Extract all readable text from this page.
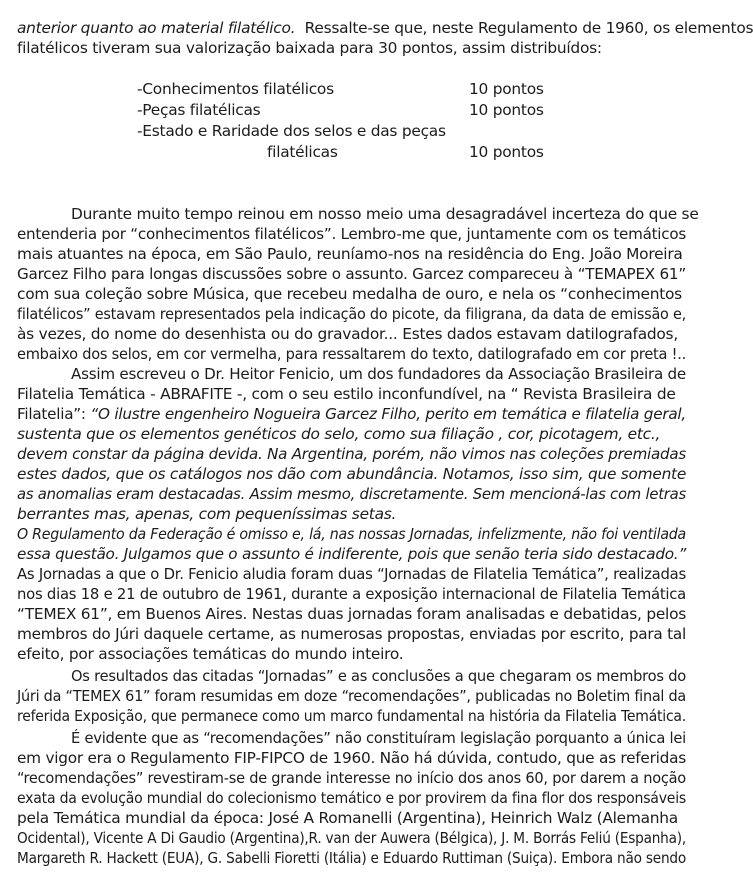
anterior quanto ao material filatélico. Ressalte-se que, neste Regulamento de 1960, os elementos
filatélicos tiveram sua valorização baixada para 30 pontos, assim distribuídos:
-Conhecimentos filatélicos	10 pontos
-Peças filatélicas	10 pontos
-Estado e Raridade dos selos e das peças
filatélicas	10 pontos
Durante muito tempo reinou em nosso meio uma desagradável incerteza do que se
entenderia por “conhecimentos filatélicos”. Lembro-me que, juntamente com os temáticos
mais atuantes na época, em São Paulo, reuníamo-nos na residência do Eng. João Moreira
Garcez Filho para longas discussões sobre o assunto. Garcez compareceu à “TEMAPEX 61”
com sua coleção sobre Música, que recebeu medalha de ouro, e nela os “conhecimentos
filatélicos” estavam representados pela indicação do picote, da filigrana, da data de emissão e,
às vezes, do nome do desenhista ou do gravador... Estes dados estavam datilografados,
embaixo dos selos, em cor vermelha, para ressaltarem do texto, datilografado em cor preta !..
Assim escreveu o Dr. Heitor Fenicio, um dos fundadores da Associação Brasileira de
Filatelia Temática - ABRAFITE -, com o seu estilo inconfundível, na “ Revista Brasileira de
Filatelia”: “O ilustre engenheiro Nogueira Garcez Filho, perito em temática e filatelia geral,
sustenta que os elementos genéticos do selo, como sua filiação , cor, picotagem, etc.,
devem constar da página devida. Na Argentina, porém, não vimos nas coleções premiadas
estes dados, que os catálogos nos dão com abundância. Notamos, isso sim, que somente
as anomalias eram destacadas. Assim mesmo, discretamente. Sem mencioná-las com letras
berrantes mas, apenas, com pequeníssimas setas.
O Regulamento da Federação é omisso e, lá, nas nossas Jornadas, infelizmente, não foi ventilada
essa questão. Julgamos que o assunto é indiferente, pois que senão teria sido destacado.”
As Jornadas a que o Dr. Fenicio aludia foram duas “Jornadas de Filatelia Temática”, realizadas
nos dias 18 e 21 de outubro de 1961, durante a exposição internacional de Filatelia Temática
“TEMEX 61”, em Buenos Aires. Nestas duas jornadas foram analisadas e debatidas, pelos
membros do Júri daquele certame, as numerosas propostas, enviadas por escrito, para tal
efeito, por associações temáticas do mundo inteiro.
Os resultados das citadas “Jornadas” e as conclusões a que chegaram os membros do
Júri da “TEMEX 61” foram resumidas em doze “recomendações”, publicadas no Boletim final da
referida Exposição, que permanece como um marco fundamental na história da Filatelia Temática.
É evidente que as “recomendações” não constituíram legislação porquanto a única lei
em vigor era o Regulamento FIP-FIPCO de 1960. Não há dúvida, contudo, que as referidas
“recomendações” revestiram-se de grande interesse no início dos anos 60, por darem a noção
exata da evolução mundial do colecionismo temático e por provirem da fina flor dos responsáveis
pela Temática mundial da época: José A Romanelli (Argentina), Heinrich Walz (Alemanha
Ocidental), Vicente A Di Gaudio (Argentina),R. van der Auwera (Bélgica), J. M. Borrás Feliú (Espanha),
Margareth R. Hackett (EUA), G. Sabelli Fioretti (Itália) e Eduardo Ruttiman (Suiça). Embora não sendo
